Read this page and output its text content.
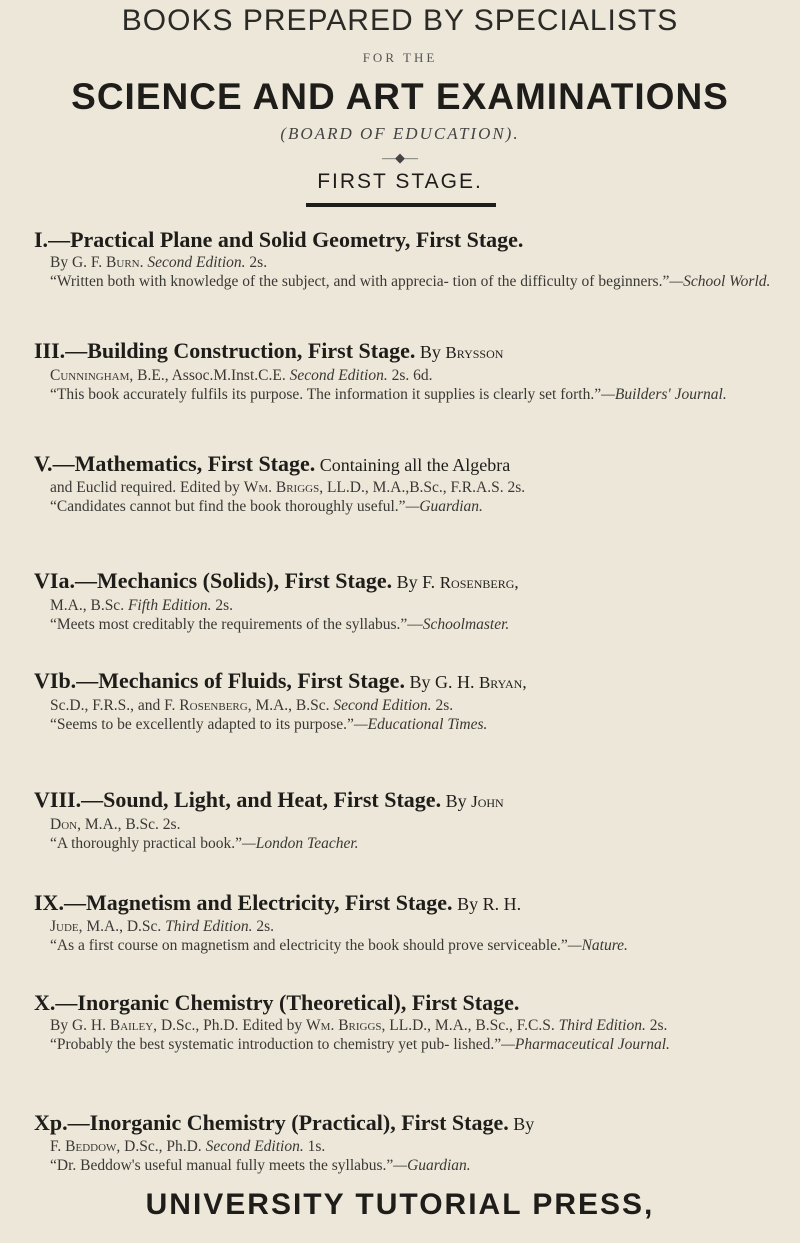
BOOKS PREPARED BY SPECIALISTS
FOR THE
SCIENCE AND ART EXAMINATIONS
(BOARD OF EDUCATION).
—◆—
FIRST STAGE.
I.—Practical Plane and Solid Geometry, First Stage.
By G. F. Burn. Second Edition. 2s.
“Written both with knowledge of the subject, and with apprecia- tion of the difficulty of beginners.”—School World.
III.—Building Construction, First Stage. By Brysson
Cunningham, B.E., Assoc.M.Inst.C.E. Second Edition. 2s. 6d.
“This book accurately fulfils its purpose. The information it supplies is clearly set forth.”—Builders' Journal.
V.—Mathematics, First Stage. Containing all the Algebra
and Euclid required. Edited by Wm. Briggs, LL.D., M.A.,B.Sc., F.R.A.S. 2s.
“Candidates cannot but find the book thoroughly useful.”—Guardian.
VIa.—Mechanics (Solids), First Stage. By F. Rosenberg,
M.A., B.Sc. Fifth Edition. 2s.
“Meets most creditably the requirements of the syllabus.”—Schoolmaster.
VIb.—Mechanics of Fluids, First Stage. By G. H. Bryan,
Sc.D., F.R.S., and F. Rosenberg, M.A., B.Sc. Second Edition. 2s.
“Seems to be excellently adapted to its purpose.”—Educational Times.
VIII.—Sound, Light, and Heat, First Stage. By John
Don, M.A., B.Sc. 2s.
“A thoroughly practical book.”—London Teacher.
IX.—Magnetism and Electricity, First Stage. By R. H.
Jude, M.A., D.Sc. Third Edition. 2s.
“As a first course on magnetism and electricity the book should prove serviceable.”—Nature.
X.—Inorganic Chemistry (Theoretical), First Stage.
By G. H. Bailey, D.Sc., Ph.D. Edited by Wm. Briggs, LL.D., M.A., B.Sc., F.C.S. Third Edition. 2s.
“Probably the best systematic introduction to chemistry yet pub- lished.”—Pharmaceutical Journal.
Xp.—Inorganic Chemistry (Practical), First Stage. By
F. Beddow, D.Sc., Ph.D. Second Edition. 1s.
“Dr. Beddow's useful manual fully meets the syllabus.”—Guardian.
UNIVERSITY TUTORIAL PRESS,
